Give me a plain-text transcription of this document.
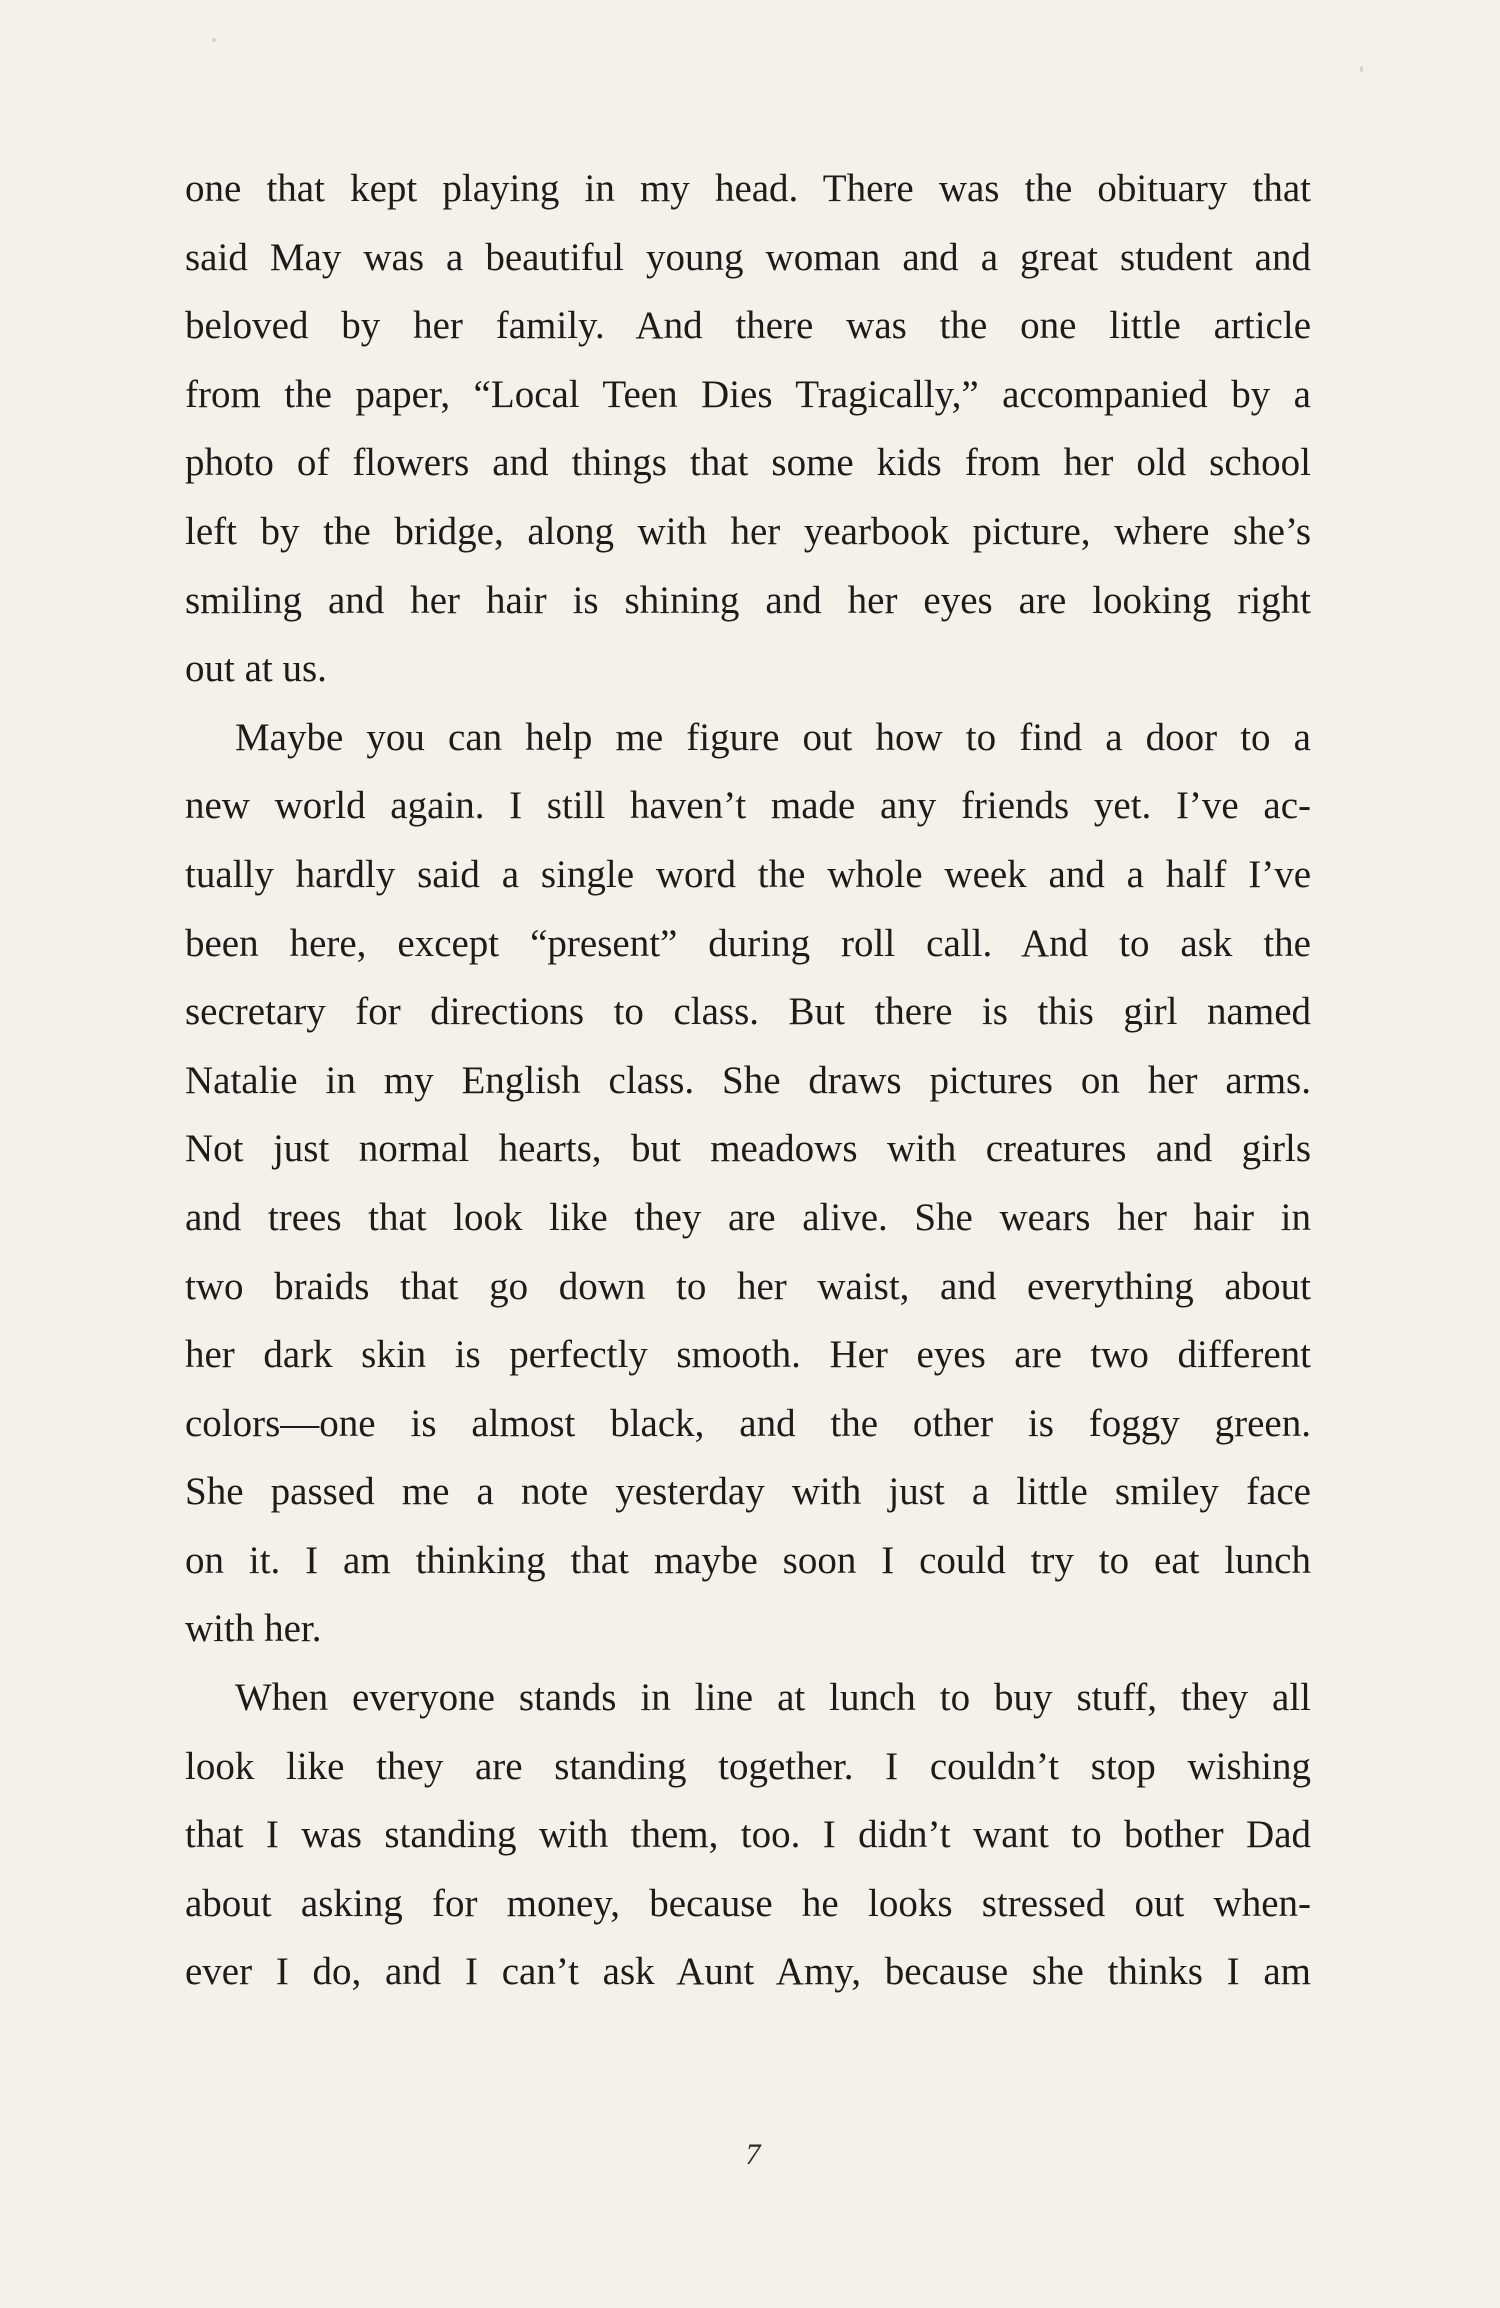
one that kept playing in my head. There was the obituary that
said May was a beautiful young woman and a great student and
beloved by her family. And there was the one little article
from the paper, “Local Teen Dies Tragically,” accompanied by a
photo of flowers and things that some kids from her old school
left by the bridge, along with her yearbook picture, where she’s
smiling and her hair is shining and her eyes are looking right
out at us.

Maybe you can help me figure out how to find a door to a
new world again. I still haven’t made any friends yet. I’ve ac-
tually hardly said a single word the whole week and a half I’ve
been here, except “present” during roll call. And to ask the
secretary for directions to class. But there is this girl named
Natalie in my English class. She draws pictures on her arms.
Not just normal hearts, but meadows with creatures and girls
and trees that look like they are alive. She wears her hair in
two braids that go down to her waist, and everything about
her dark skin is perfectly smooth. Her eyes are two different
colors—one is almost black, and the other is foggy green.
She passed me a note yesterday with just a little smiley face
on it. I am thinking that maybe soon I could try to eat lunch
with her.

When everyone stands in line at lunch to buy stuff, they all
look like they are standing together. I couldn’t stop wishing
that I was standing with them, too. I didn’t want to bother Dad
about asking for money, because he looks stressed out when-
ever I do, and I can’t ask Aunt Amy, because she thinks I am

7
